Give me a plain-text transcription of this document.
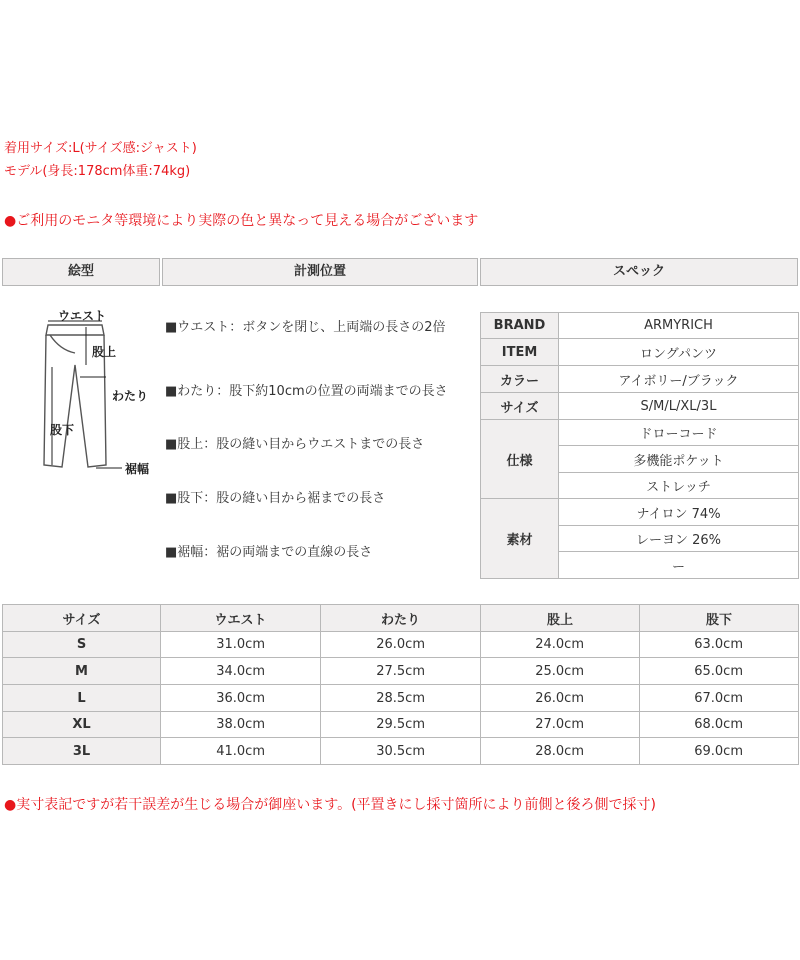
着用サイズ:L(サイズ感:ジャスト)
モデル(身長:178cm体重:74kg)
●ご利用のモニタ等環境により実際の色と異なって見える場合がございます
絵型	計測位置	スペック
ウエスト
股上
わたり
股下
裾幅
■ウエスト：ボタンを閉じ、上両端の長さの2倍
■わたり：股下約10cmの位置の両端までの長さ
■股上：股の縫い目からウエストまでの長さ
■股下：股の縫い目から裾までの長さ
■裾幅：裾の両端までの直線の長さ
BRAND	ARMYRICH
ITEM	ロングパンツ
カラー	アイボリー/ブラック
サイズ	S/M/L/XL/3L
仕様	ドローコード
	多機能ポケット
	ストレッチ
素材	ナイロン 74%
	レーヨン 26%
	ー
サイズ	ウエスト	わたり	股上	股下
S	31.0cm	26.0cm	24.0cm	63.0cm
M	34.0cm	27.5cm	25.0cm	65.0cm
L	36.0cm	28.5cm	26.0cm	67.0cm
XL	38.0cm	29.5cm	27.0cm	68.0cm
3L	41.0cm	30.5cm	28.0cm	69.0cm
●実寸表記ですが若干誤差が生じる場合が御座います。(平置きにし採寸箇所により前側と後ろ側で採寸)
